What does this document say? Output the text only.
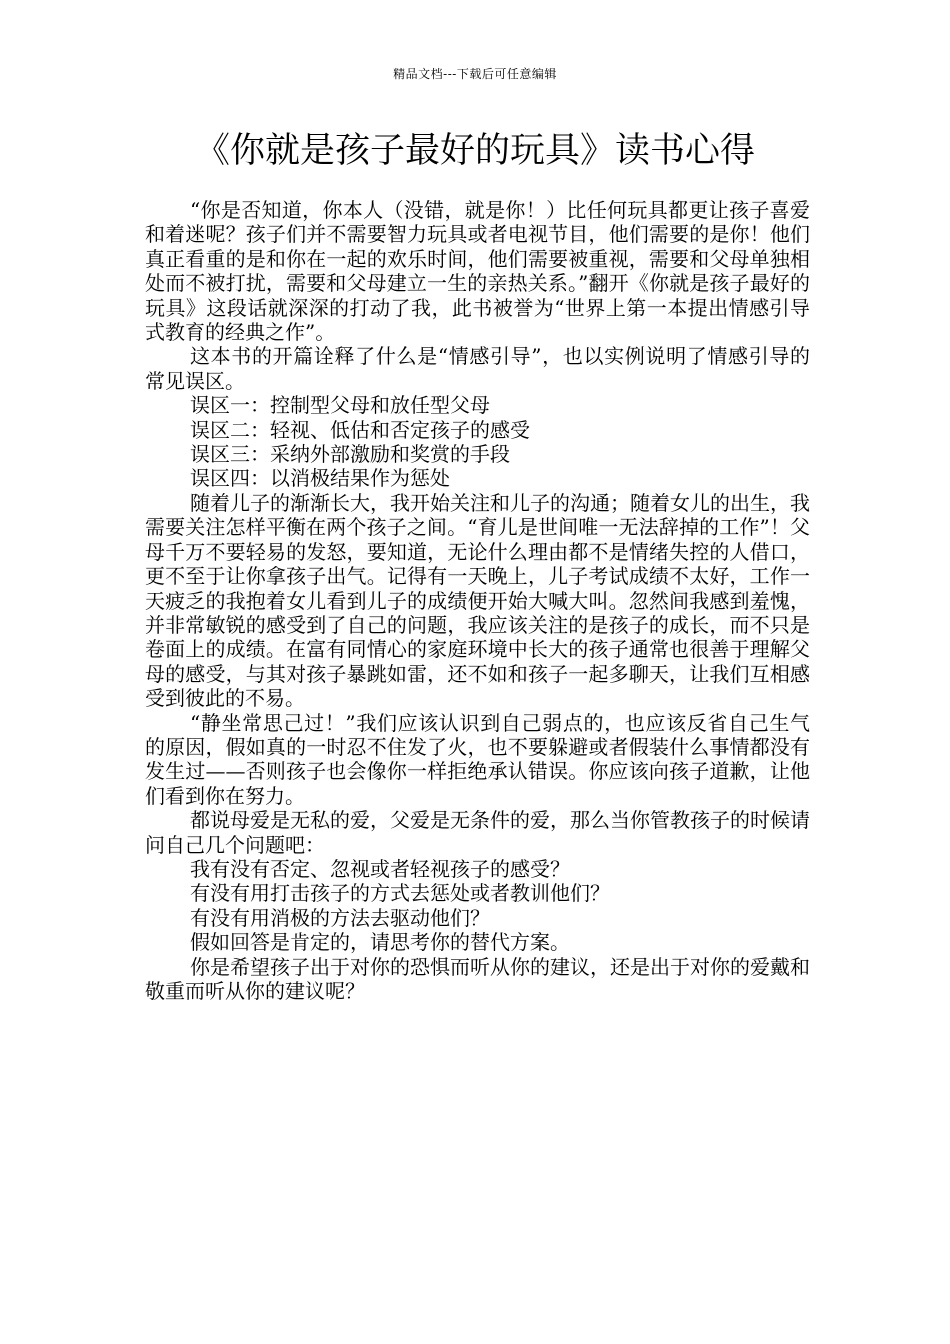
精品文档---下载后可任意编辑
《你就是孩子最好的玩具》读书心得

“你是否知道，你本人（没错，就是你！）比任何玩具都更让孩子喜爱和着迷呢？孩子们并不需要智力玩具或者电视节目，他们需要的是你！他们真正看重的是和你在一起的欢乐时间，他们需要被重视，需要和父母单独相处而不被打扰，需要和父母建立一生的亲热关系。”翻开《你就是孩子最好的玩具》这段话就深深的打动了我，此书被誉为“世界上第一本提出情感引导式教育的经典之作”。

这本书的开篇诠释了什么是“情感引导”，也以实例说明了情感引导的常见误区。

误区一：控制型父母和放任型父母

误区二：轻视、低估和否定孩子的感受

误区三：采纳外部激励和奖赏的手段

误区四：以消极结果作为惩处

随着儿子的渐渐长大，我开始关注和儿子的沟通；随着女儿的出生，我需要关注怎样平衡在两个孩子之间。“育儿是世间唯一无法辞掉的工作”！父母千万不要轻易的发怒，要知道，无论什么理由都不是情绪失控的人借口，更不至于让你拿孩子出气。记得有一天晚上，儿子考试成绩不太好，工作一天疲乏的我抱着女儿看到儿子的成绩便开始大喊大叫。忽然间我感到羞愧，并非常敏锐的感受到了自己的问题，我应该关注的是孩子的成长，而不只是卷面上的成绩。在富有同情心的家庭环境中长大的孩子通常也很善于理解父母的感受，与其对孩子暴跳如雷，还不如和孩子一起多聊天，让我们互相感受到彼此的不易。

“静坐常思己过！”我们应该认识到自己弱点的，也应该反省自己生气的原因，假如真的一时忍不住发了火，也不要躲避或者假装什么事情都没有发生过——否则孩子也会像你一样拒绝承认错误。你应该向孩子道歉，让他们看到你在努力。

都说母爱是无私的爱，父爱是无条件的爱，那么当你管教孩子的时候请问自己几个问题吧：

我有没有否定、忽视或者轻视孩子的感受？

有没有用打击孩子的方式去惩处或者教训他们？

有没有用消极的方法去驱动他们？

假如回答是肯定的，请思考你的替代方案。

你是希望孩子出于对你的恐惧而听从你的建议，还是出于对你的爱戴和敬重而听从你的建议呢？
